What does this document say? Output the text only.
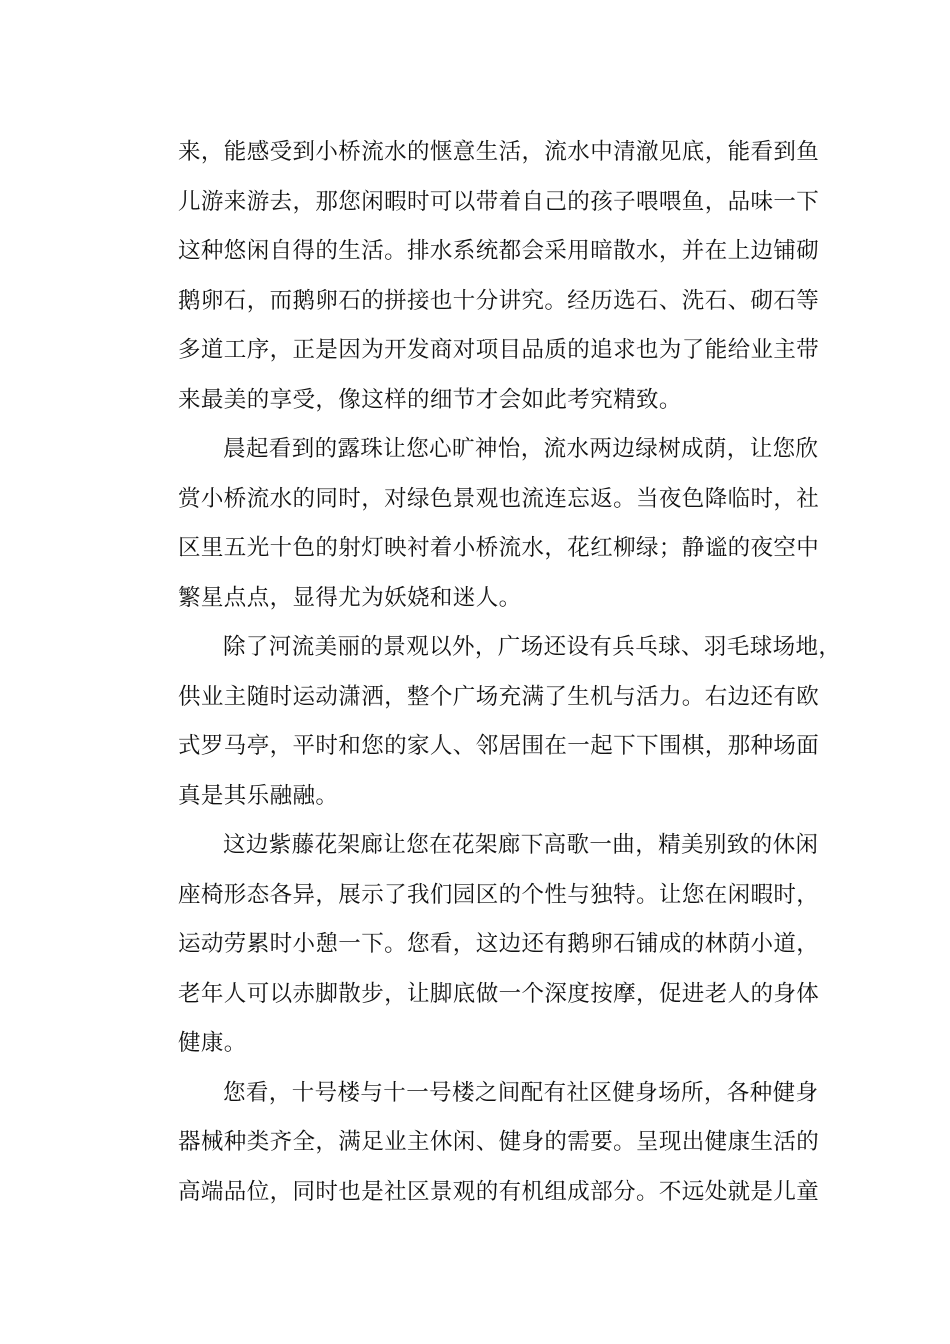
来，能感受到小桥流水的惬意生活，流水中清澈见底，能看到鱼
儿游来游去，那您闲暇时可以带着自己的孩子喂喂鱼，品味一下
这种悠闲自得的生活。排水系统都会采用暗散水，并在上边铺砌
鹅卵石，而鹅卵石的拼接也十分讲究。经历选石、洗石、砌石等
多道工序，正是因为开发商对项目品质的追求也为了能给业主带
来最美的享受，像这样的细节才会如此考究精致。
晨起看到的露珠让您心旷神怡，流水两边绿树成荫，让您欣
赏小桥流水的同时，对绿色景观也流连忘返。当夜色降临时，社
区里五光十色的射灯映衬着小桥流水，花红柳绿；静谧的夜空中
繁星点点，显得尤为妖娆和迷人。
除了河流美丽的景观以外，广场还设有兵乓球、羽毛球场地，
供业主随时运动潇洒，整个广场充满了生机与活力。右边还有欧
式罗马亭，平时和您的家人、邻居围在一起下下围棋，那种场面
真是其乐融融。
这边紫藤花架廊让您在花架廊下高歌一曲，精美别致的休闲
座椅形态各异，展示了我们园区的个性与独特。让您在闲暇时，
运动劳累时小憩一下。您看，这边还有鹅卵石铺成的林荫小道，
老年人可以赤脚散步，让脚底做一个深度按摩，促进老人的身体
健康。
您看，十号楼与十一号楼之间配有社区健身场所，各种健身
器械种类齐全，满足业主休闲、健身的需要。呈现出健康生活的
高端品位，同时也是社区景观的有机组成部分。不远处就是儿童
